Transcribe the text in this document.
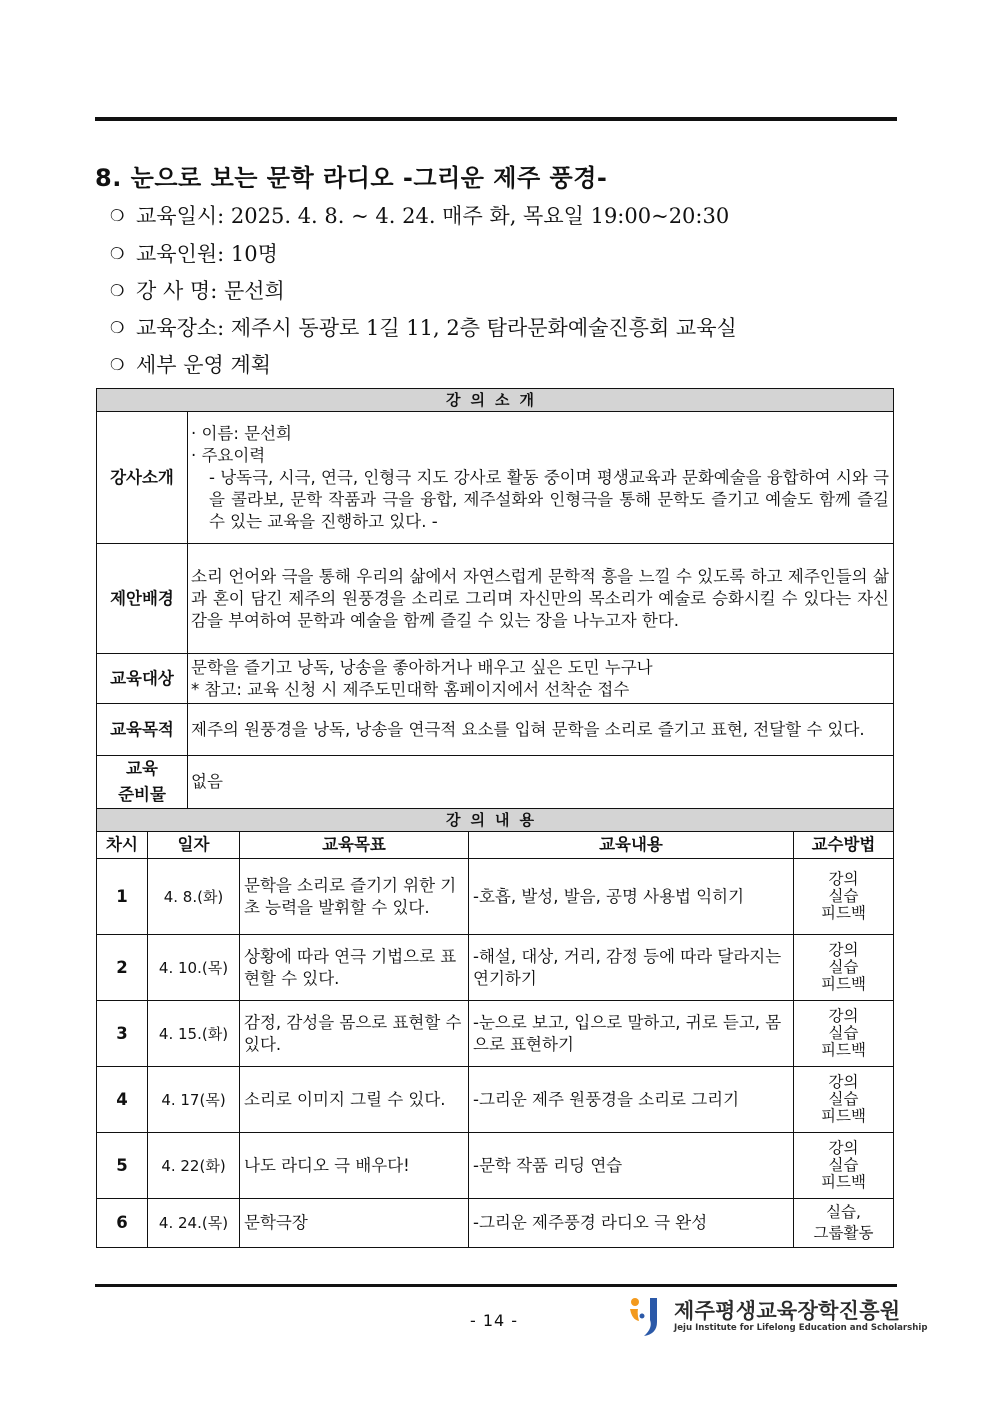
8. 눈으로 보는 문학 라디오 -그리운 제주 풍경-
❍ 교육일시: 2025. 4. 8. ~ 4. 24. 매주 화, 목요일 19:00~20:30
❍ 교육인원: 10명
❍ 강 사 명: 문선희
❍ 교육장소: 제주시 동광로 1길 11, 2층 탐라문화예술진흥회 교육실
❍ 세부 운영 계획
강의소개					
강사소개		· 이름: 문선희
· 주요이력
- 낭독극, 시극, 연극, 인형극 지도 강사로 활동 중이며 평생교육과 문화예술을 융합하여 시와 극을 콜라보, 문학 작품과 극을 융합, 제주설화와 인형극을 통해 문학도 즐기고 예술도 함께 즐길 수 있는 교육을 진행하고 있다. -			

제안배경		소리 언어와 극을 통해 우리의 삶에서 자연스럽게 문학적 흥을 느낄 수 있도록 하고 제주인들의 삶과 혼이 담긴 제주의 원풍경을 소리로 그리며 자신만의 목소리가 예술로 승화시킬 수 있다는 자신감을 부여하여 문학과 예술을 함께 즐길 수 있는 장을 나누고자 한다.			
교육대상		문학을 즐기고 낭독, 낭송을 좋아하거나 배우고 싶은 도민 누구나
* 참고: 교육 신청 시 제주도민대학 홈페이지에서 선착순 접수			

교육목적		제주의 원풍경을 낭독, 낭송을 연극적 요소를 입혀 문학을 소리로 즐기고 표현, 전달할 수 있다.			

교육
준비물		없음			
강의내용					
차시	일자		교육목표	교육내용	교수방법
1	4. 8.(화)		문학을 소리로 즐기기 위한 기초 능력을 발휘할 수 있다.	-호흡, 발성, 발음, 공명 사용법 익히기	강의
실습
피드백

2	4. 10.(목)		상황에 따라 연극 기법으로 표현할 수 있다.	-해설, 대상, 거리, 감정 등에 따라 달라지는 연기하기	강의
실습
피드백

3	4. 15.(화)		감정, 감성을 몸으로 표현할 수 있다.	-눈으로 보고, 입으로 말하고, 귀로 듣고, 몸으로 표현하기	강의
실습
피드백

4	4. 17(목)		소리로 이미지 그릴 수 있다.	-그리운 제주 원풍경을 소리로 그리기	강의
실습
피드백

5	4. 22(화)		나도 라디오 극 배우다!	-문학 작품 리딩 연습	강의
실습
피드백

6	4. 24.(목)		문학극장	-그리운 제주풍경 라디오 극 완성	실습,
그룹활동
- 14 -	제주평생교육장학진흥원
Jeju Institute for Lifelong Education and Scholarship
